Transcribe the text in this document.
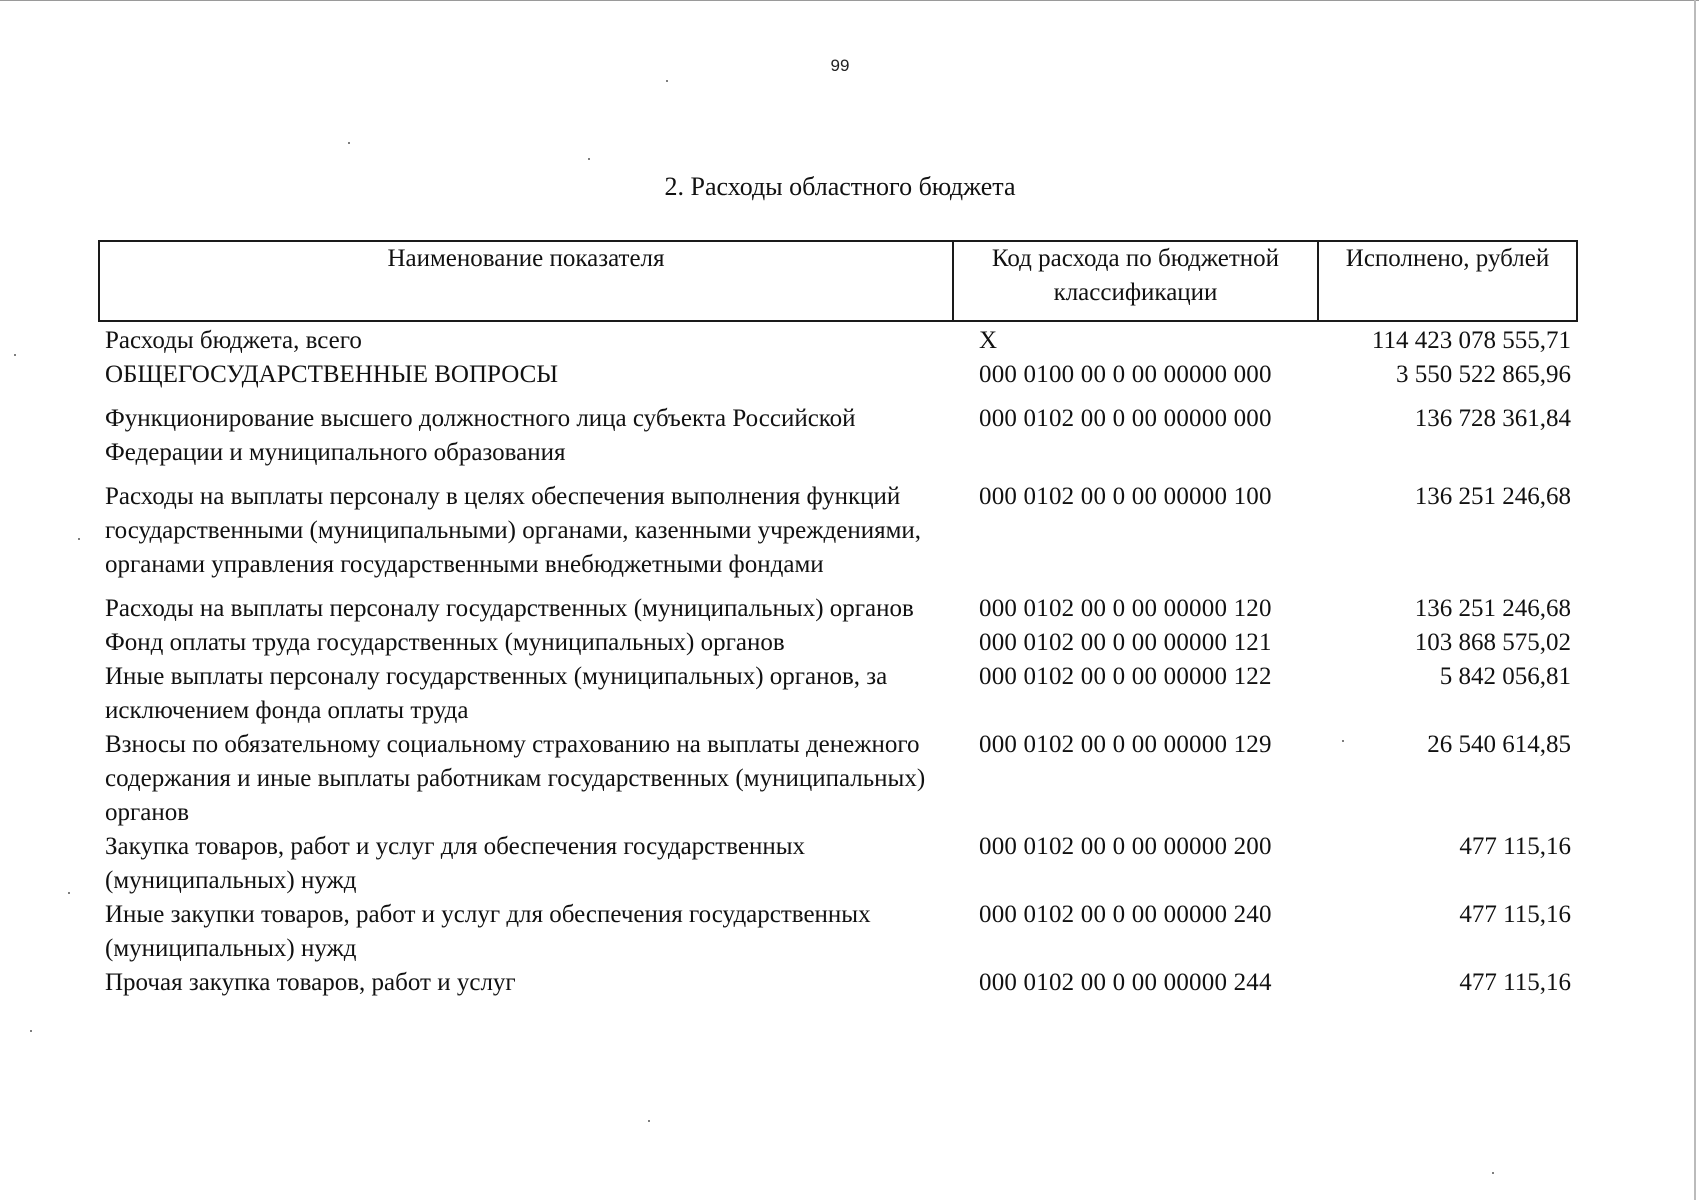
99
2. Расходы областного бюджета
Наименование показателя	Код расхода по бюджетной классификации	Исполнено, рублей
Расходы бюджета, всего	X	114 423 078 555,71
ОБЩЕГОСУДАРСТВЕННЫЕ ВОПРОСЫ	000 0100 00 0 00 00000 000	3 550 522 865,96
Функционирование высшего должностного лица субъекта Российской Федерации и муниципального образования	000 0102 00 0 00 00000 000	136 728 361,84
Расходы на выплаты персоналу в целях обеспечения выполнения функций государственными (муниципальными) органами, казенными учреждениями, органами управления государственными внебюджетными фондами	000 0102 00 0 00 00000 100	136 251 246,68
Расходы на выплаты персоналу государственных (муниципальных) органов	000 0102 00 0 00 00000 120	136 251 246,68
Фонд оплаты труда государственных (муниципальных) органов	000 0102 00 0 00 00000 121	103 868 575,02
Иные выплаты персоналу государственных (муниципальных) органов, за исключением фонда оплаты труда	000 0102 00 0 00 00000 122	5 842 056,81
Взносы по обязательному социальному страхованию на выплаты денежного содержания и иные выплаты работникам государственных (муниципальных) органов	000 0102 00 0 00 00000 129	26 540 614,85
Закупка товаров, работ и услуг для обеспечения государственных (муниципальных) нужд	000 0102 00 0 00 00000 200	477 115,16
Иные закупки товаров, работ и услуг для обеспечения государственных (муниципальных) нужд	000 0102 00 0 00 00000 240	477 115,16
Прочая закупка товаров, работ и услуг	000 0102 00 0 00 00000 244	477 115,16
